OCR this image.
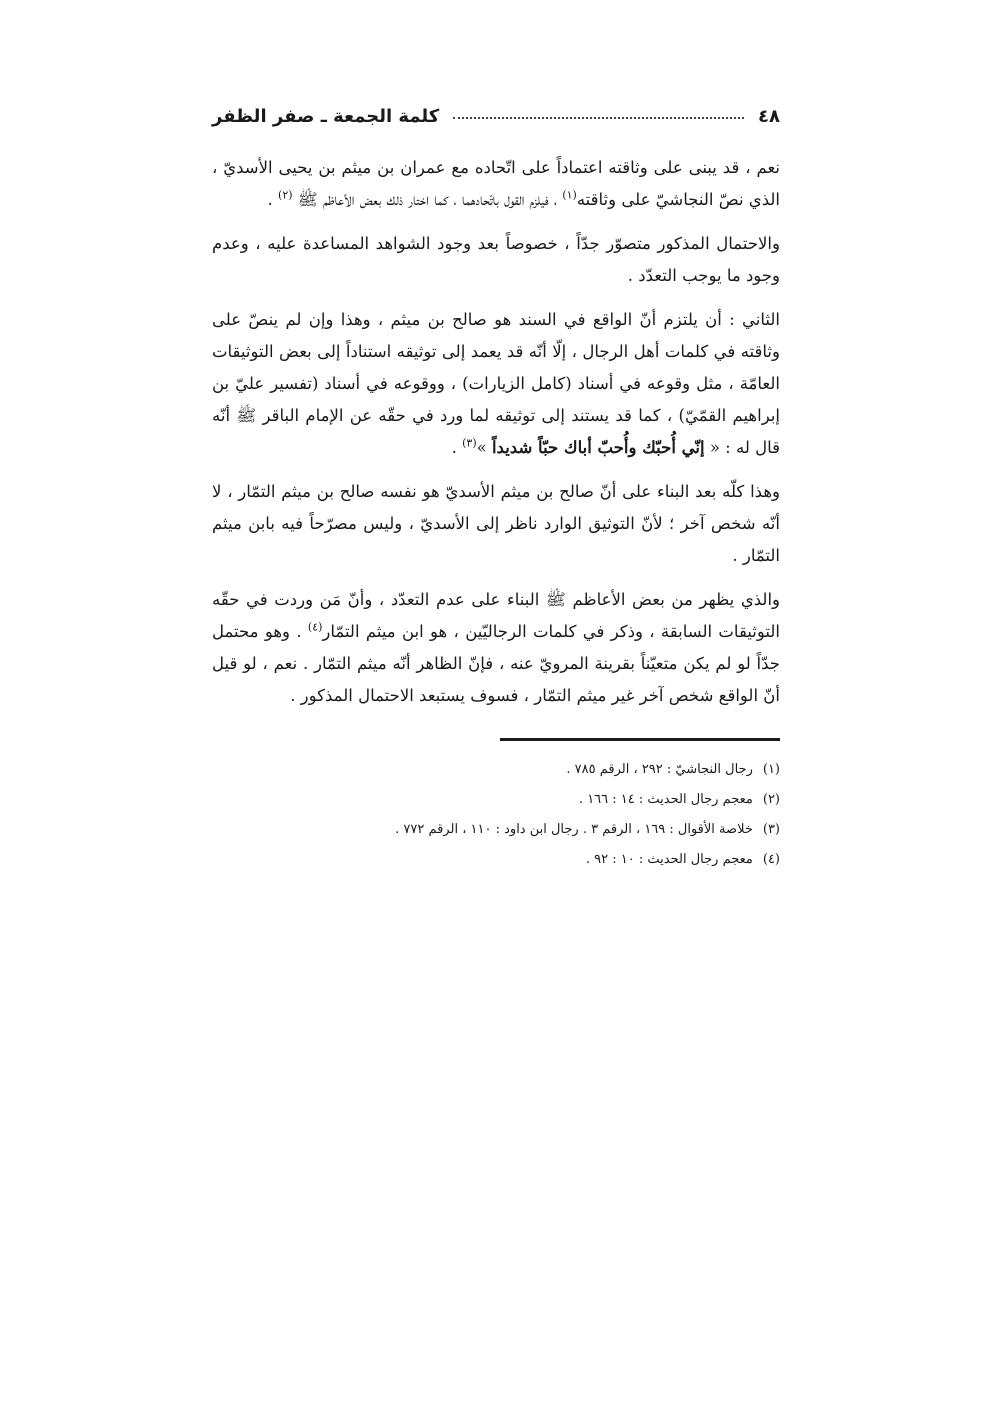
٤٨
كلمة الجمعة ـ صفر الظفر

نعم ، قد يبنى على وثاقته اعتماداً على اتّحاده مع عمران بن ميثم بن يحيى الأسديّ ، الذي نصّ النجاشيّ على وثاقته$^{(١)}$ ، فيلزم القول باتّحادهما ، كما اختار ذلك بعض الأعاظم ﷺ $^{(٢)}$ .

والاحتمال المذكور متصوّر جدّاً ، خصوصاً بعد وجود الشواهد المساعدة عليه ، وعدم وجود ما يوجب التعدّد .

الثاني : أن يلتزم أنّ الواقع في السند هو صالح بن ميثم ، وهذا وإن لم ينصّ على وثاقته في كلمات أهل الرجال ، إلّا أنّه قد يعمد إلى توثيقه استناداً إلى بعض التوثيقات العامّة ، مثل وقوعه في أسناد (كامل الزيارات) ، ووقوعه في أسناد (تفسير عليّ بن إبراهيم القمّيّ) ، كما قد يستند إلى توثيقه لما ورد في حقّه عن الإمام الباقر ﷺ أنّه قال له : « إنّي أُحبّك وأُحبّ أباك حبّاً شديداً »$^{(٣)}$ .

وهذا كلّه بعد البناء على أنّ صالح بن ميثم الأسديّ هو نفسه صالح بن ميثم التمّار ، لا أنّه شخص آخر ؛ لأنّ التوثيق الوارد ناظر إلى الأسديّ ، وليس مصرّحاً فيه بابن ميثم التمّار .

والذي يظهر من بعض الأعاظم ﷺ البناء على عدم التعدّد ، وأنّ مَن وردت في حقّه التوثيقات السابقة ، وذكر في كلمات الرجاليّين ، هو ابن ميثم التمّار$^{(٤)}$ . وهو محتمل جدّاً لو لم يكن متعيّناً بقرينة المرويّ عنه ، فإنّ الظاهر أنّه ميثم التمّار . نعم ، لو قيل أنّ الواقع شخص آخر غير ميثم التمّار ، فسوف يستبعد الاحتمال المذكور .

(١)
رجال النجاشيّ : ٢٩٢ ، الرقم ٧٨٥ .
(٢)
معجم رجال الحديث : ١٤ : ١٦٦ .
(٣)
خلاصة الأقوال : ١٦٩ ، الرقم ٣ . رجال ابن داود : ١١٠ ، الرقم ٧٧٢ .
(٤)
معجم رجال الحديث : ١٠ : ٩٢ .
